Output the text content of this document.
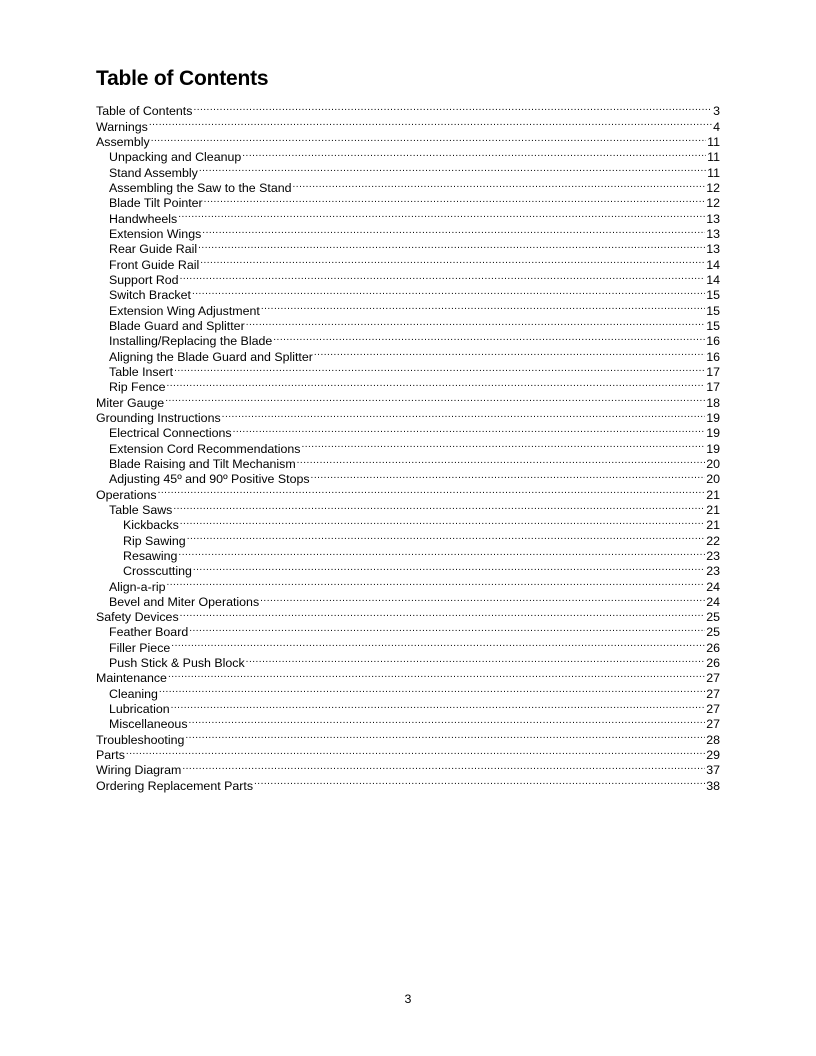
Table of Contents
Table of Contents .....	3
Warnings .....	4
Assembly .....	11
Unpacking and Cleanup .....	11
Stand Assembly .....	11
Assembling the Saw to the Stand .....	12
Blade Tilt Pointer .....	12
Handwheels .....	13
Extension Wings .....	13
Rear Guide Rail .....	13
Front Guide Rail .....	14
Support Rod .....	14
Switch Bracket .....	15
Extension Wing Adjustment .....	15
Blade Guard and Splitter .....	15
Installing/Replacing the Blade .....	16
Aligning the Blade Guard and Splitter .....	16
Table Insert .....	17
Rip Fence .....	17
Miter Gauge .....	18
Grounding Instructions .....	19
Electrical Connections .....	19
Extension Cord Recommendations .....	19
Blade Raising and Tilt Mechanism .....	20
Adjusting 45º and 90º Positive Stops .....	20
Operations .....	21
Table Saws .....	21
Kickbacks .....	21
Rip Sawing .....	22
Resawing .....	23
Crosscutting .....	23
Align-a-rip .....	24
Bevel and Miter Operations .....	24
Safety Devices .....	25
Feather Board .....	25
Filler Piece .....	26
Push Stick & Push Block .....	26
Maintenance .....	27
Cleaning .....	27
Lubrication .....	27
Miscellaneous .....	27
Troubleshooting .....	28
Parts .....	29
Wiring Diagram .....	37
Ordering Replacement Parts .....	38

3
